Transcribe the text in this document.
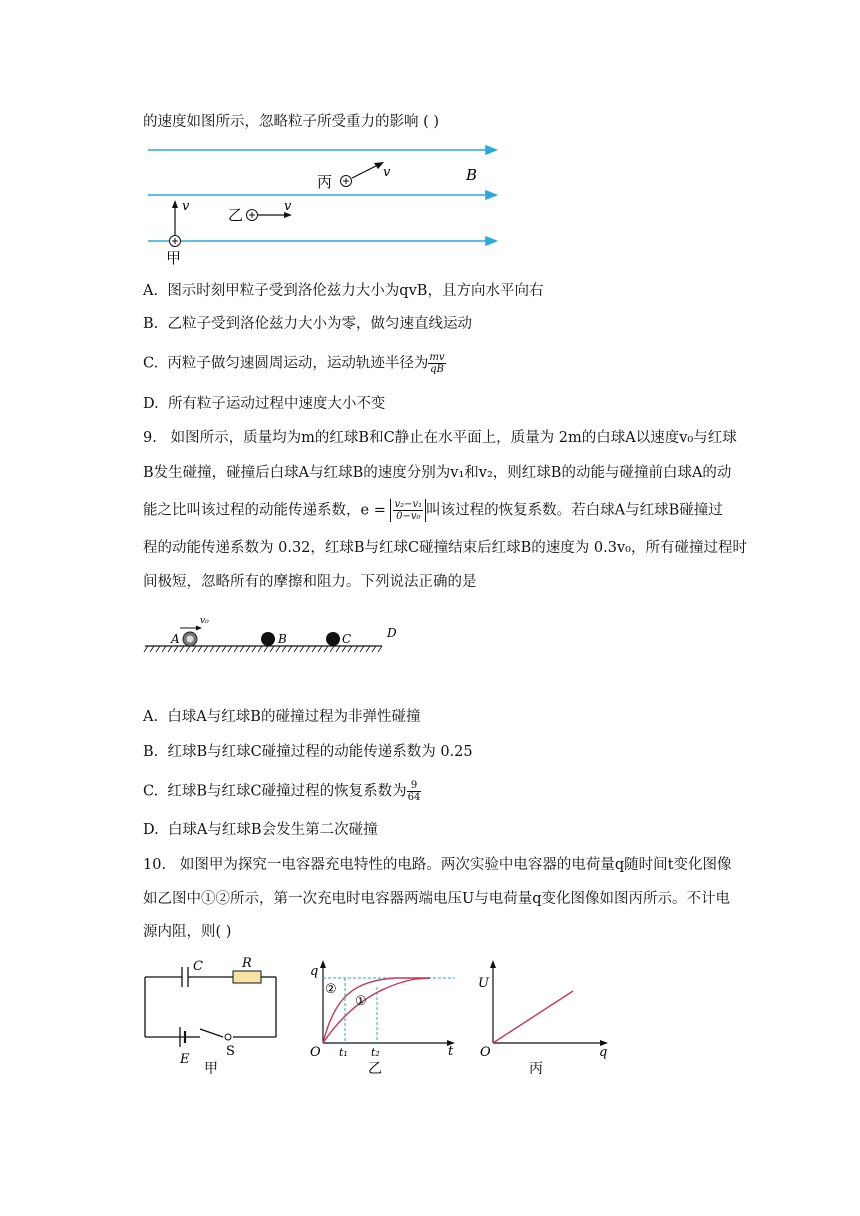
的速度如图所示，忽略粒子所受重力的影响 ( )
丙
v	B
乙	v
v
甲
A. 图示时刻甲粒子受到洛伦兹力大小为qvB，且方向水平向右
B. 乙粒子受到洛伦兹力大小为零，做匀速直线运动
C. 丙粒子做匀速圆周运动，运动轨迹半径为 $\frac{mv}{qB}$
D. 所有粒子运动过程中速度大小不变
9. 如图所示，质量均为m的红球B和C静止在水平面上，质量为 2m的白球A以速度v₀与红球
B发生碰撞，碰撞后白球A与红球B的速度分别为v₁和v₂，则红球B的动能与碰撞前白球A的动
能之比叫该过程的动能传递系数，$e = \frac{\text{v₂−v₁}}{\text{0−v₀}}$ 叫该过程的恢复系数。若白球A与红球B碰撞过
程的动能传递系数为 0.32，红球B与红球C碰撞结束后红球B的速度为 0.3v₀，所有碰撞过程时
间极短，忽略所有的摩擦和阻力。下列说法正确的是
A
v₀
B	C	D
A. 白球A与红球B的碰撞过程为非弹性碰撞
B. 红球B与红球C碰撞过程的动能传递系数为 0.25
C. 红球B与红球C碰撞过程的恢复系数为 $\frac{9}{64}$
D. 白球A与红球B会发生第二次碰撞
10. 如图甲为探究一电容器充电特性的电路。两次实验中电容器的电荷量q随时间t变化图像
如乙图中①②所示，第一次充电时电容器两端电压U与电荷量q变化图像如图丙所示。不计电
源内阻，则( )
C	R
E
S
甲
q
t
O t₁ t₂
①
②
乙
U
q
O
丙
